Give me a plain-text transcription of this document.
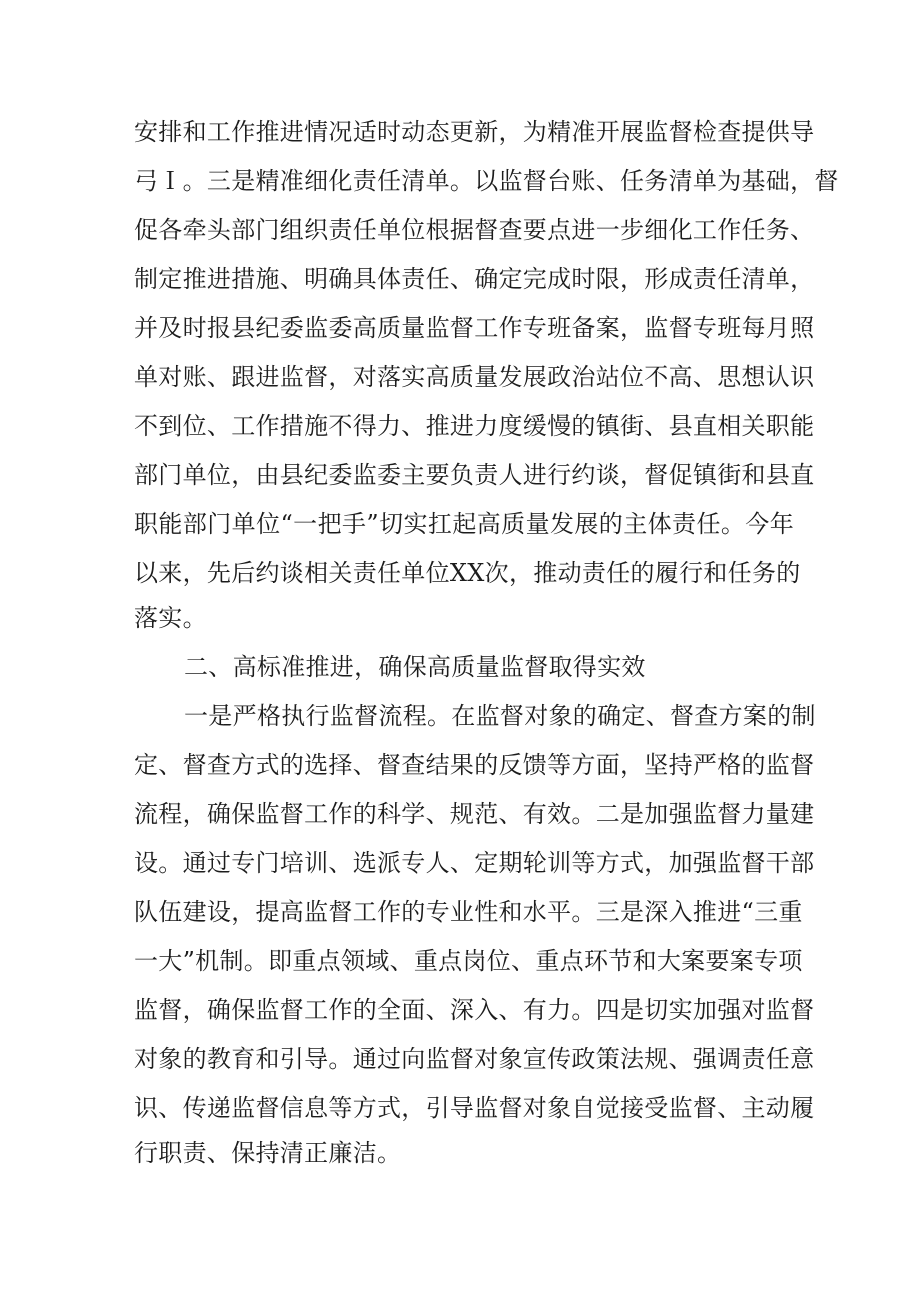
安排和工作推进情况适时动态更新，为精准开展监督检查提供导
弓Ｉ。三是精准细化责任清单。以监督台账、任务清单为基础，督
促各牵头部门组织责任单位根据督查要点进一步细化工作任务、
制定推进措施、明确具体责任、确定完成时限，形成责任清单，
并及时报县纪委监委高质量监督工作专班备案，监督专班每月照
单对账、跟进监督，对落实高质量发展政治站位不高、思想认识
不到位、工作措施不得力、推进力度缓慢的镇街、县直相关职能
部门单位，由县纪委监委主要负责人进行约谈，督促镇街和县直
职能部门单位“一把手”切实扛起高质量发展的主体责任。今年
以来，先后约谈相关责任单位XX次，推动责任的履行和任务的
落实。
二、高标准推进，确保高质量监督取得实效
一是严格执行监督流程。在监督对象的确定、督查方案的制
定、督查方式的选择、督查结果的反馈等方面，坚持严格的监督
流程，确保监督工作的科学、规范、有效。二是加强监督力量建
设。通过专门培训、选派专人、定期轮训等方式，加强监督干部
队伍建设，提高监督工作的专业性和水平。三是深入推进“三重
一大”机制。即重点领域、重点岗位、重点环节和大案要案专项
监督，确保监督工作的全面、深入、有力。四是切实加强对监督
对象的教育和引导。通过向监督对象宣传政策法规、强调责任意
识、传递监督信息等方式，引导监督对象自觉接受监督、主动履
行职责、保持清正廉洁。
